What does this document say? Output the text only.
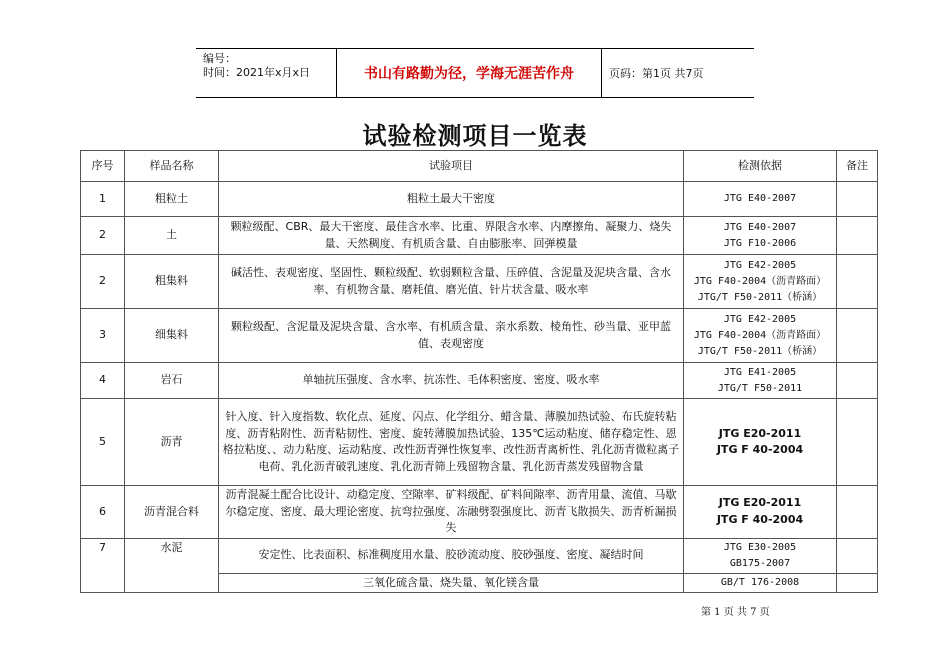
编号：
时间：2021年x月x日	书山有路勤为径，学海无涯苦作舟	页码：第1页 共7页
试验检测项目一览表
序号	样品名称	试验项目	检测依据	备注
1	粗粒土	粗粒土最大干密度	JTG E40-2007	

2	土	颗粒级配、CBR、最大干密度、最佳含水率、比重、界限含水率、内摩擦角、凝聚力、烧失量、天然稠度、有机质含量、自由膨胀率、回弹模量	JTG E40-2007
JTG F10-2006	

2	粗集料	碱活性、表观密度、坚固性、颗粒级配、软弱颗粒含量、压碎值、含泥量及泥块含量、含水率、有机物含量、磨耗值、磨光值、针片状含量、吸水率	JTG E42-2005
JTG F40-2004（沥青路面）
JTG/T F50-2011（桥涵）	

3	细集料	颗粒级配、含泥量及泥块含量、含水率、有机质含量、亲水系数、棱角性、砂当量、亚甲蓝值、表观密度	JTG E42-2005
JTG F40-2004（沥青路面）
JTG/T F50-2011（桥涵）	

4	岩石	单轴抗压强度、含水率、抗冻性、毛体积密度、密度、吸水率	JTG E41-2005
JTG/T F50-2011	

5	沥青	针入度、针入度指数、软化点、延度、闪点、化学组分、蜡含量、薄膜加热试验、布氏旋转粘度、沥青粘附性、沥青粘韧性、密度、旋转薄膜加热试验、135℃运动粘度、储存稳定性、恩格拉粘度、、动力粘度、运动粘度、改性沥青弹性恢复率、改性沥青离析性、乳化沥青微粒离子电荷、乳化沥青破乳速度、乳化沥青筛上残留物含量、乳化沥青蒸发残留物含量	JTG E20-2011
JTG F 40-2004	

6	沥青混合料	沥青混凝土配合比设计、动稳定度、空隙率、矿料级配、矿料间隙率、沥青用量、流值、马歇尔稳定度、密度、最大理论密度、抗弯拉强度、冻融劈裂强度比、沥青飞散损失、沥青析漏损失	JTG E20-2011
JTG F 40-2004	

7	水泥	安定性、比表面积、标准稠度用水量、胶砂流动度、胶砂强度、密度、凝结时间	JTG E30-2005
GB175-2007	

		三氧化硫含量、烧失量、氧化镁含量	GB/T 176-2008	

第 1 页 共 7 页
